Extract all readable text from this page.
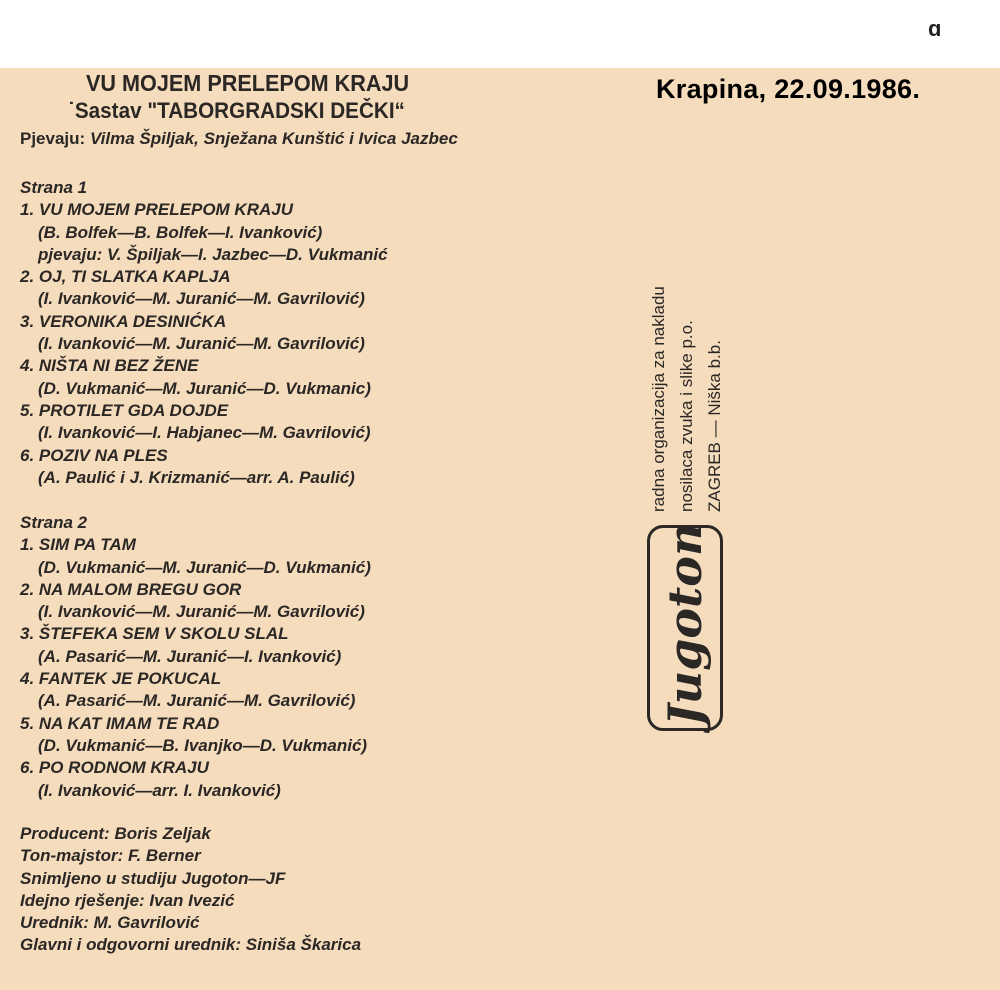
ɑ
Krapina, 22.09.1986.
VU MOJEM PRELEPOM KRAJU
˙Sastav "TABORGRADSKI DEČKI“
Pjevaju: Vilma Špiljak, Snježana Kunštić i Ivica Jazbec
Strana 1
1. VU MOJEM PRELEPOM KRAJU
(B. Bolfek—B. Bolfek—I. Ivanković)
pjevaju: V. Špiljak—I. Jazbec—D. Vukmanić
2. OJ, TI SLATKA KAPLJA
(I. Ivanković—M. Juranić—M. Gavrilović)
3. VERONIKA DESINIĆKA
(I. Ivanković—M. Juranić—M. Gavrilović)
4. NIŠTA NI BEZ ŽENE
(D. Vukmanić—M. Juranić—D. Vukmanic)
5. PROTILET GDA DOJDE
(I. Ivanković—I. Habjanec—M. Gavrilović)
6. POZIV NA PLES
(A. Paulić i J. Krizmanić—arr. A. Paulić)
Strana 2
1. SIM PA TAM
(D. Vukmanić—M. Juranić—D. Vukmanić)
2. NA MALOM BREGU GOR
(I. Ivanković—M. Juranić—M. Gavrilović)
3. ŠTEFEKA SEM V SKOLU SLAL
(A. Pasarić—M. Juranić—I. Ivanković)
4. FANTEK JE POKUCAL
(A. Pasarić—M. Juranić—M. Gavrilović)
5. NA KAT IMAM TE RAD
(D. Vukmanić—B. Ivanjko—D. Vukmanić)
6. PO RODNOM KRAJU
(I. Ivanković—arr. I. Ivanković)
Producent: Boris Zeljak
Ton-majstor: F. Berner
Snimljeno u studiju Jugoton—JF
Idejno rješenje: Ivan Ivezić
Urednik: M. Gavrilović
Glavni i odgovorni urednik: Siniša Škarica
radna organizacija za nakladu nosilaca zvuka i slike p.o. ZAGREB — Niška b.b.
Jugoton
